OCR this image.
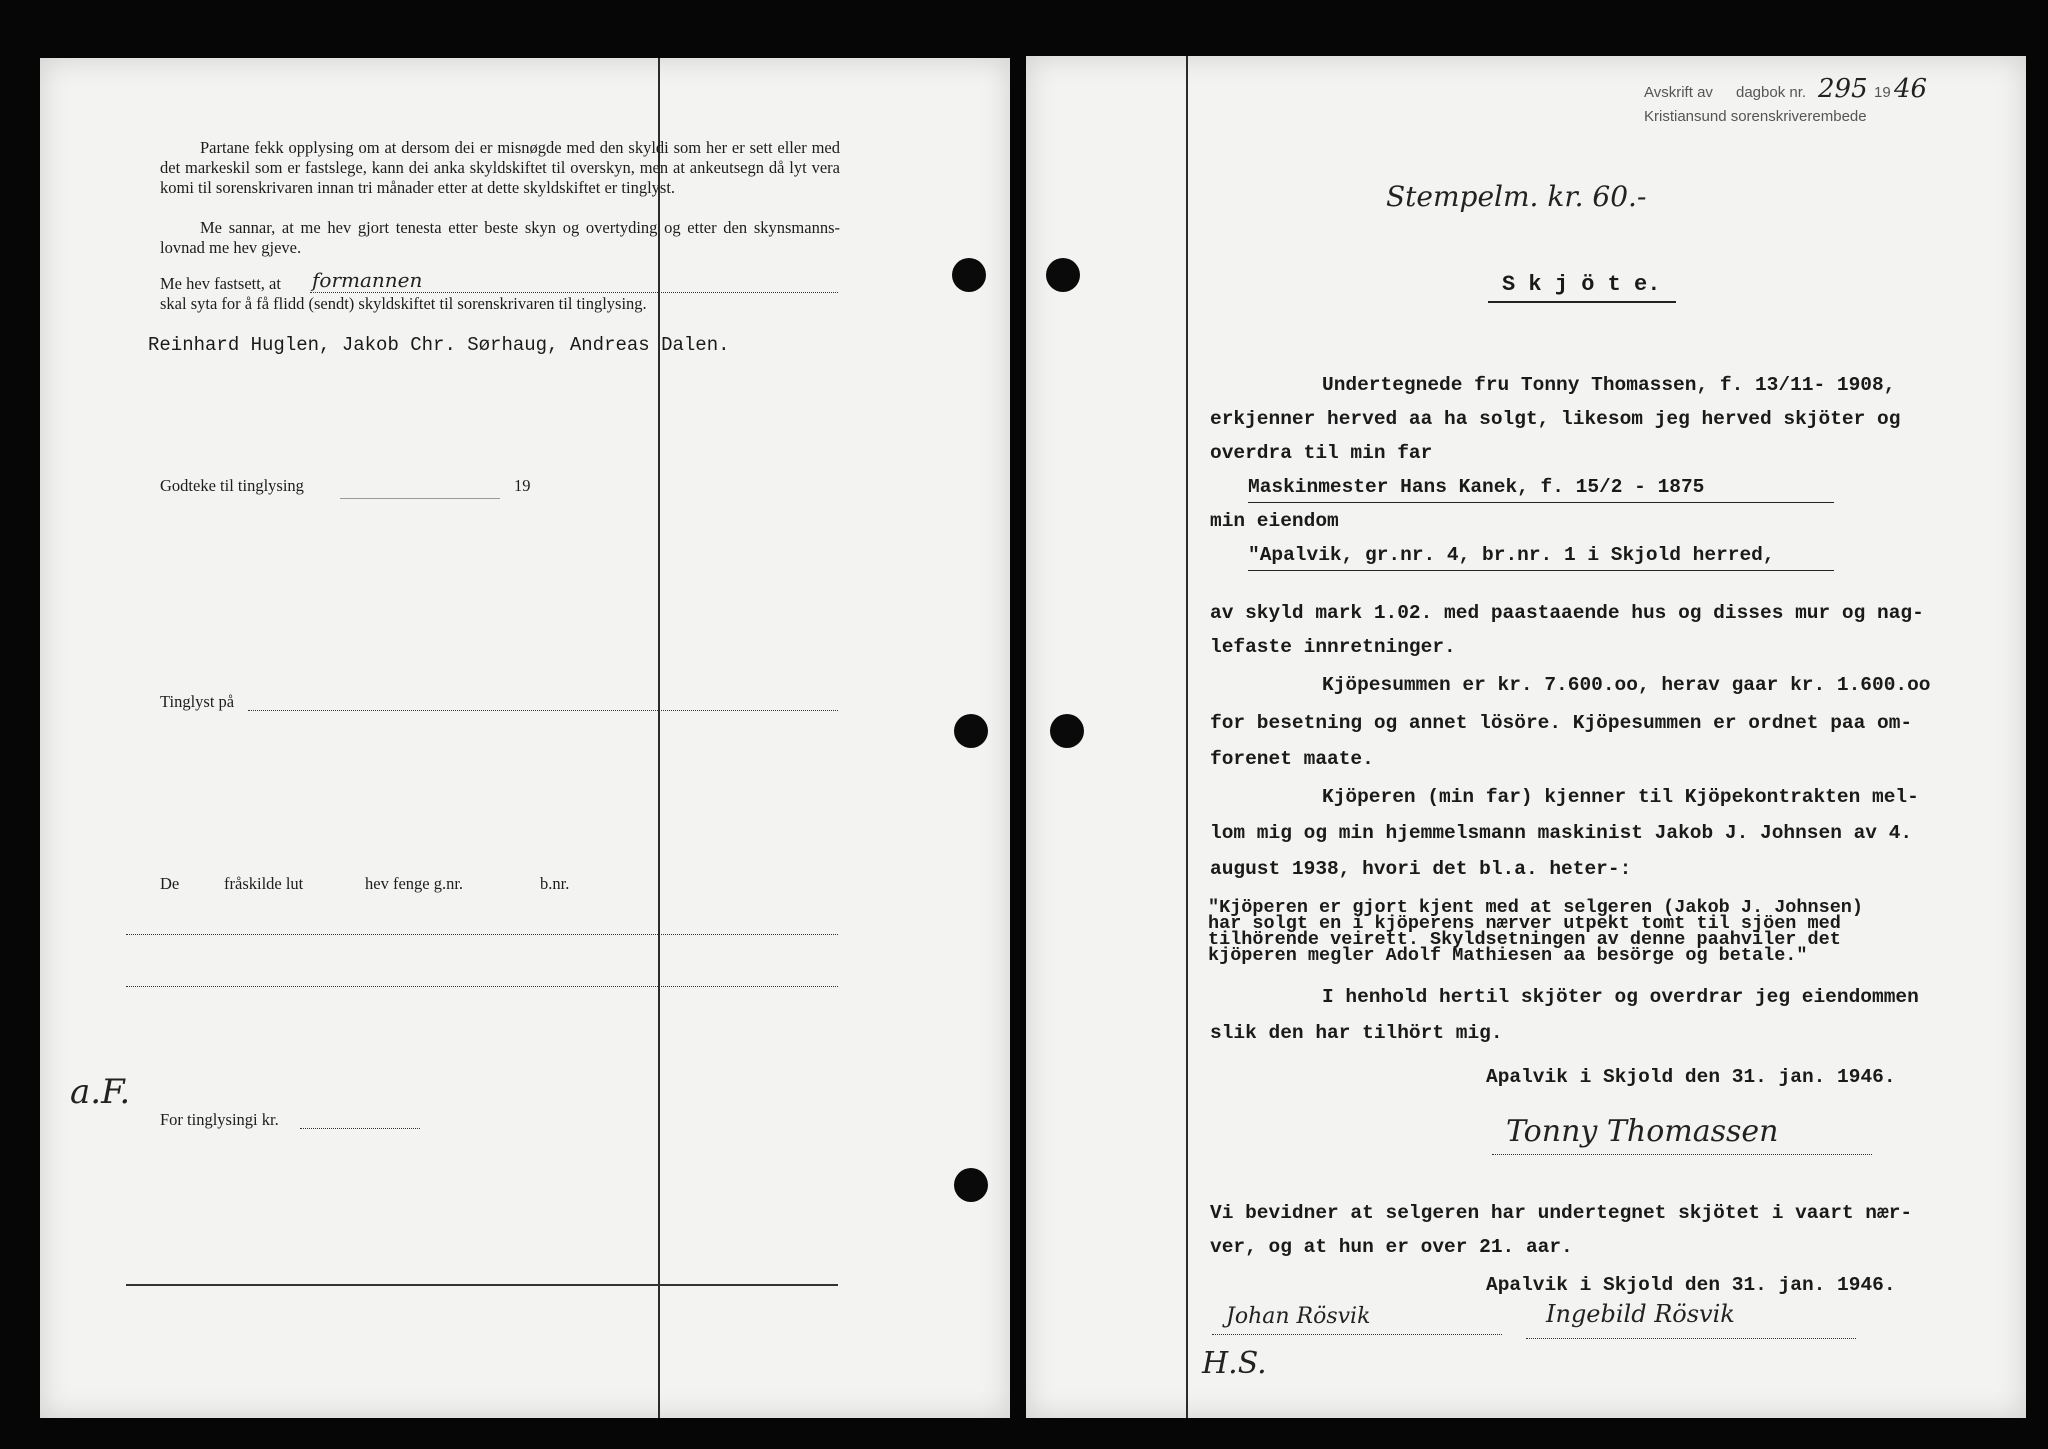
Partane fekk opplysing om at dersom dei er misnøgde med den skyldi som her er sett eller med det markeskil som er fastslege, kann dei anka skyldskiftet til overskyn, men at ankeutsegn då lyt vera komi til sorenskrivaren innan tri månader etter at dette skyldskiftet er tinglyst.
Me sannar, at me hev gjort tenesta etter beste skyn og overtyding og etter den skynsmanns-lovnad me hev gjeve.
Me hev fastsett, at formannen
skal syta for å få flidd (sendt) skyldskiftet til sorenskrivaren til tinglysing.
Reinhard Huglen, Jakob Chr. Sørhaug, Andreas Dalen.
Godteke til tinglysing	19
Tinglyst på
De	fråskilde lut	hev fenge g.nr.	b.nr.
a.F.
For tinglysingi kr.
Avskrift av dagbok nr. 295 19 46
Kristiansund sorenskriverembede
Stempelm. kr. 60.-
S k j ö t e.
Undertegnede fru Tonny Thomassen, f. 13/11- 1908,
erkjenner herved aa ha solgt, likesom jeg herved skjöter og
overdra til min far
Maskinmester Hans Kanek, f. 15/2 - 1875
min eiendom
"Apalvik, gr.nr. 4, br.nr. 1 i Skjold herred,
av skyld mark 1.02. med paastaaende hus og disses mur og nag-
lefaste innretninger.
Kjöpesummen er kr. 7.600.oo, herav gaar kr. 1.600.oo
for besetning og annet lösöre. Kjöpesummen er ordnet paa om-
forenet maate.
Kjöperen (min far) kjenner til Kjöpekontrakten mel-
lom mig og min hjemmelsmann maskinist Jakob J. Johnsen av 4.
august 1938, hvori det bl.a. heter-:
"Kjöperen er gjort kjent med at selgeren (Jakob J. Johnsen)
har solgt en i kjöperens nærver utpekt tomt til sjöen med
tilhörende veirett. Skyldsetningen av denne paahviler det
kjöperen megler Adolf Mathiesen aa besörge og betale."
I henhold hertil skjöter og overdrar jeg eiendommen
slik den har tilhört mig.
Apalvik i Skjold den 31. jan. 1946.
Tonny Thomassen
Vi bevidner at selgeren har undertegnet skjötet i vaart nær-
ver, og at hun er over 21. aar.
Apalvik i Skjold den 31. jan. 1946.
Johan Rösvik	Ingebild Rösvik
H.S.
